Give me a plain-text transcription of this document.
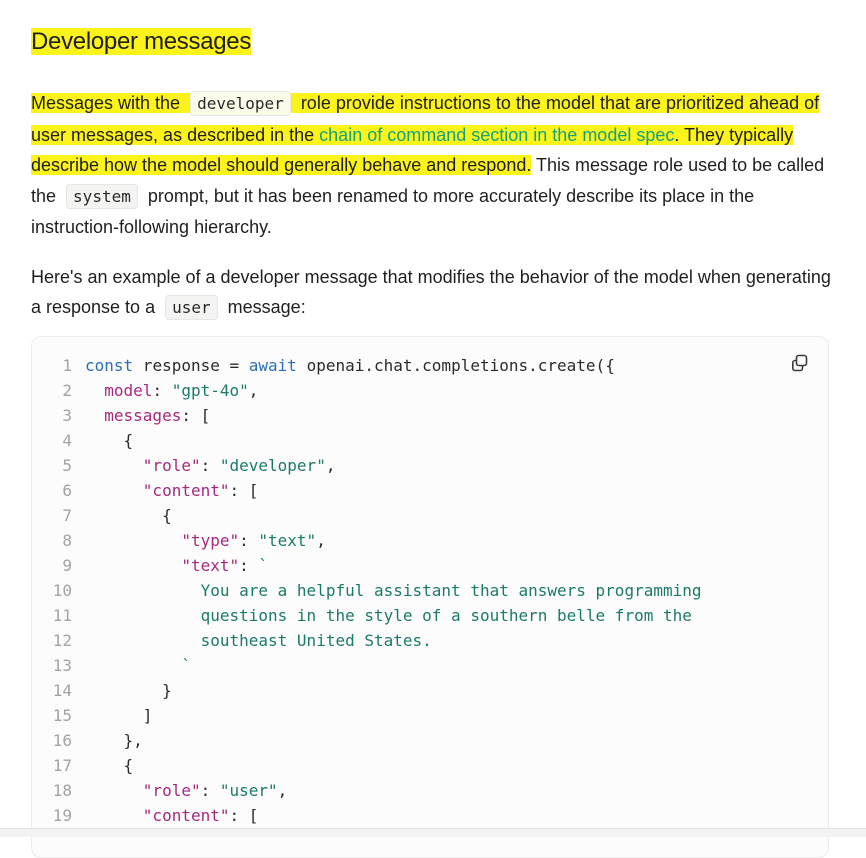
Developer messages

Messages with the developer role provide instructions to the model that are prioritized ahead of user messages, as described in the chain of command section in the model spec. They typically describe how the model should generally behave and respond. This message role used to be called the system prompt, but it has been renamed to more accurately describe its place in the instruction-following hierarchy.

Here's an example of a developer message that modifies the behavior of the model when generating a response to a user message:

1 const response = await openai.chat.completions.create({
2	model: "gpt-4o",
3	messages: [
4 {
5	"role": "developer",
6	"content": [
7 {
8	"type": "text",
9	"text": `
10 You are a helpful assistant that answers programming
11 questions in the style of a southern belle from the
12 southeast United States.
13 `
14 }
15 ]
16 },
17 {
18	"role": "user",
19	"content": [
